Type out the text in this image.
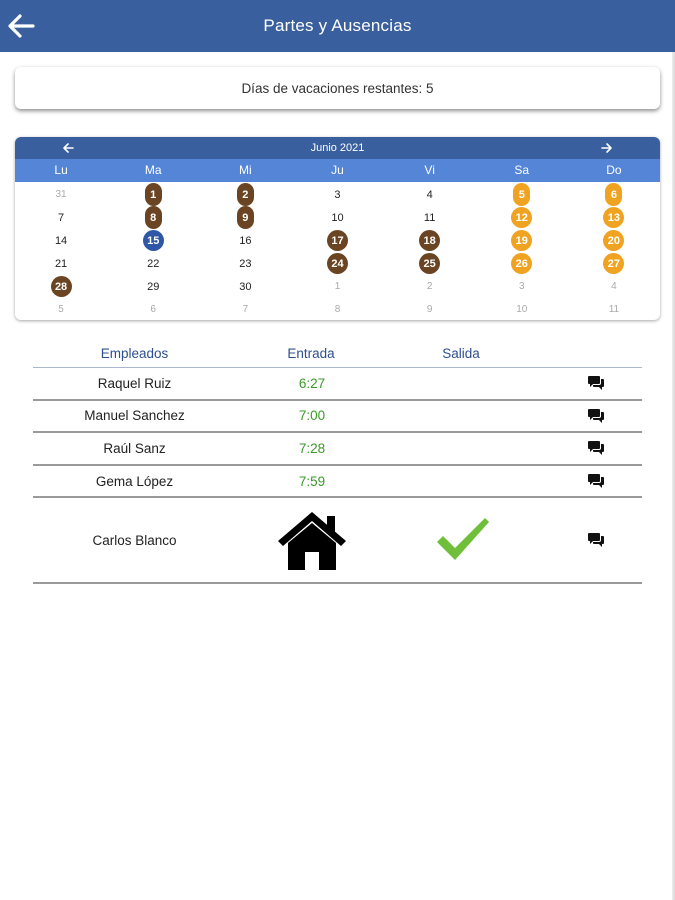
Partes y Ausencias
Días de vacaciones restantes: 5
Junio 2021
Lu	Ma	Mi	Ju	Vi	Sa	Do
31	1	2	3	4	5	6
7	8	9	10	11	12	13
14	15	16	17	18	19	20
21	22	23	24	25	26	27
28	29	30	1	2	3	4
5	6	7	8	9	10	11
Empleados	Entrada	Salida
Raquel Ruiz	6:27
Manuel Sanchez	7:00
Raúl Sanz	7:28
Gema López	7:59
Carlos Blanco
